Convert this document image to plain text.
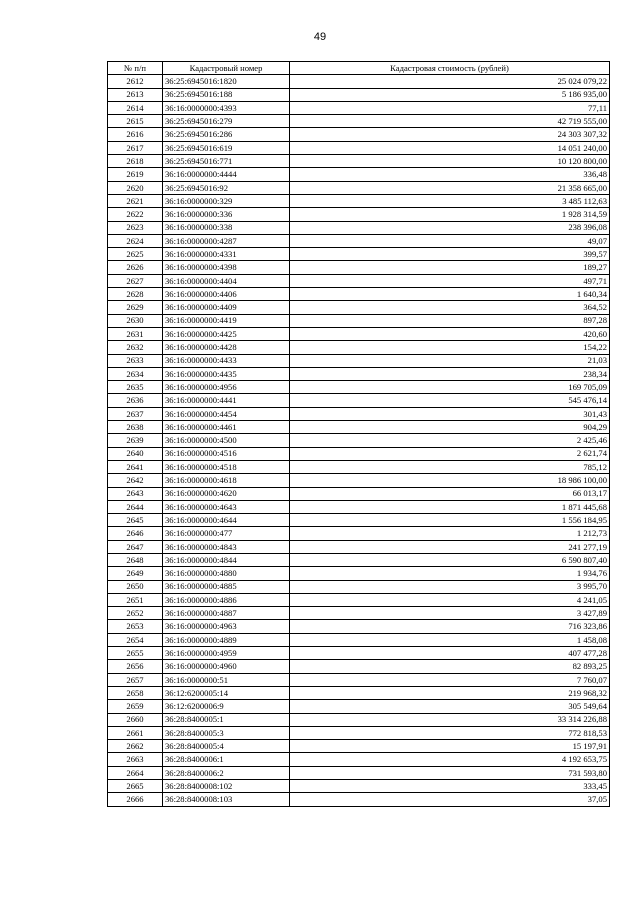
49
№ п/п	Кадастровый номер	Кадастровая стоимость (рублей)
2612	36:25:6945016:1820	25 024 079,22
2613	36:25:6945016:188	5 186 935,00
2614	36:16:0000000:4393	77,11
2615	36:25:6945016:279	42 719 555,00
2616	36:25:6945016:286	24 303 307,32
2617	36:25:6945016:619	14 051 240,00
2618	36:25:6945016:771	10 120 800,00
2619	36:16:0000000:4444	336,48
2620	36:25:6945016:92	21 358 665,00
2621	36:16:0000000:329	3 485 112,63
2622	36:16:0000000:336	1 928 314,59
2623	36:16:0000000:338	238 396,08
2624	36:16:0000000:4287	49,07
2625	36:16:0000000:4331	399,57
2626	36:16:0000000:4398	189,27
2627	36:16:0000000:4404	497,71
2628	36:16:0000000:4406	1 640,34
2629	36:16:0000000:4409	364,52
2630	36:16:0000000:4419	897,28
2631	36:16:0000000:4425	420,60
2632	36:16:0000000:4428	154,22
2633	36:16:0000000:4433	21,03
2634	36:16:0000000:4435	238,34
2635	36:16:0000000:4956	169 705,09
2636	36:16:0000000:4441	545 476,14
2637	36:16:0000000:4454	301,43
2638	36:16:0000000:4461	904,29
2639	36:16:0000000:4500	2 425,46
2640	36:16:0000000:4516	2 621,74
2641	36:16:0000000:4518	785,12
2642	36:16:0000000:4618	18 986 100,00
2643	36:16:0000000:4620	66 013,17
2644	36:16:0000000:4643	1 871 445,68
2645	36:16:0000000:4644	1 556 184,95
2646	36:16:0000000:477	1 212,73
2647	36:16:0000000:4843	241 277,19
2648	36:16:0000000:4844	6 590 807,40
2649	36:16:0000000:4880	1 934,76
2650	36:16:0000000:4885	3 995,70
2651	36:16:0000000:4886	4 241,05
2652	36:16:0000000:4887	3 427,89
2653	36:16:0000000:4963	716 323,86
2654	36:16:0000000:4889	1 458,08
2655	36:16:0000000:4959	407 477,28
2656	36:16:0000000:4960	82 893,25
2657	36:16:0000000:51	7 760,07
2658	36:12:6200005:14	219 968,32
2659	36:12:6200006:9	305 549,64
2660	36:28:8400005:1	33 314 226,88
2661	36:28:8400005:3	772 818,53
2662	36:28:8400005:4	15 197,91
2663	36:28:8400006:1	4 192 653,75
2664	36:28:8400006:2	731 593,80
2665	36:28:8400008:102	333,45
2666	36:28:8400008:103	37,05
